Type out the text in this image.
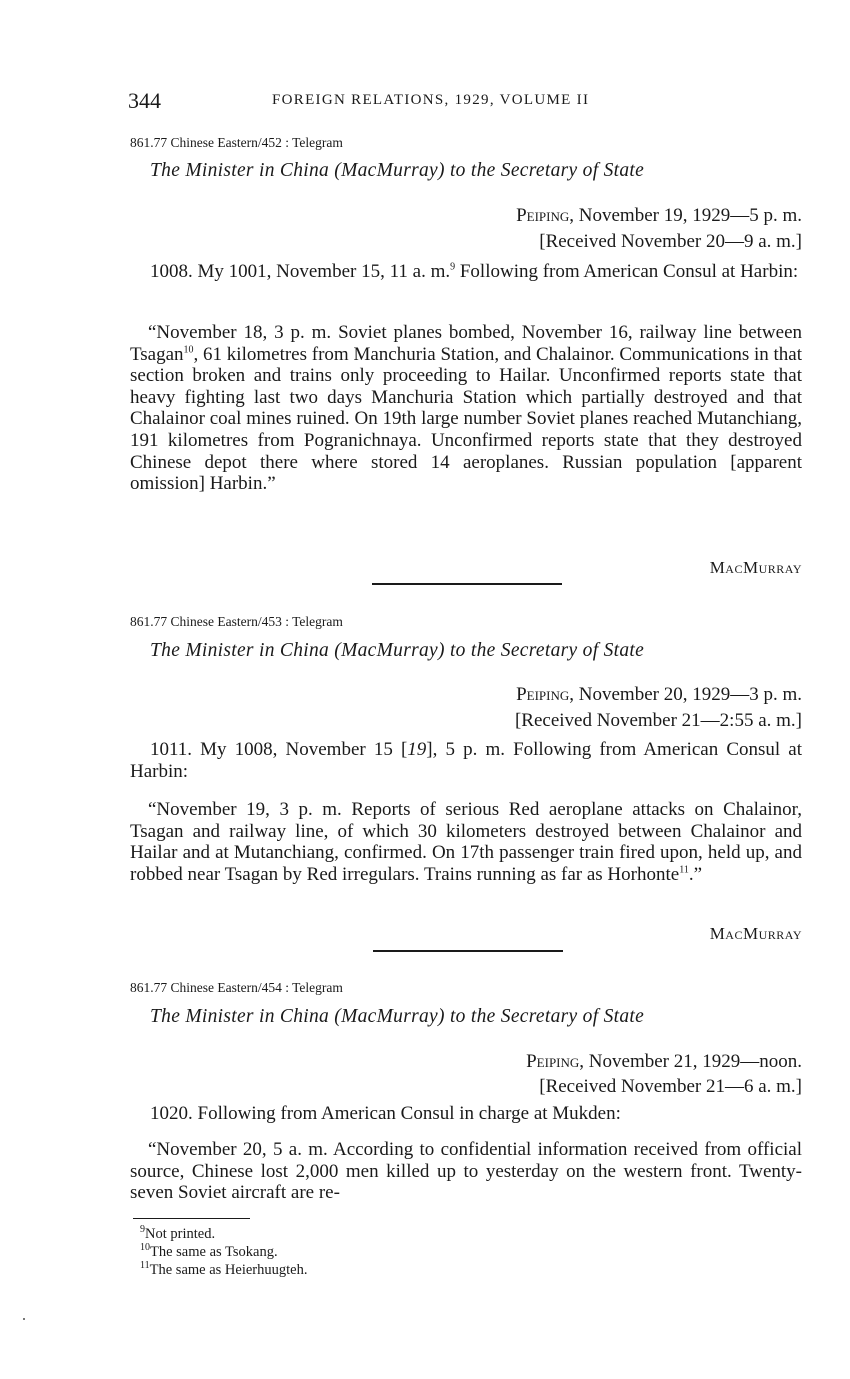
344	FOREIGN RELATIONS, 1929, VOLUME II
861.77 Chinese Eastern/452 : Telegram
The Minister in China (MacMurray) to the Secretary of State
Peiping, November 19, 1929—5 p. m.
[Received November 20—9 a. m.]
1008. My 1001, November 15, 11 a. m.$^9$ Following from American Consul at Harbin:
“November 18, 3 p. m. Soviet planes bombed, November 16, railway line between Tsagan$^{10}$, 61 kilometres from Manchuria Station, and Chalainor. Communications in that section broken and trains only proceeding to Hailar. Unconfirmed reports state that heavy fighting last two days Manchuria Station which partially destroyed and that Chalainor coal mines ruined. On 19th large number Soviet planes reached Mutanchiang, 191 kilometres from Pogranichnaya. Unconfirmed reports state that they destroyed Chinese depot there where stored 14 aeroplanes. Russian population [apparent omission] Harbin.”
MacMurray
861.77 Chinese Eastern/453 : Telegram
The Minister in China (MacMurray) to the Secretary of State
Peiping, November 20, 1929—3 p. m.
[Received November 21—2:55 a. m.]
1011. My 1008, November 15 [19], 5 p. m. Following from American Consul at Harbin:
“November 19, 3 p. m. Reports of serious Red aeroplane attacks on Chalainor, Tsagan and railway line, of which 30 kilometers destroyed between Chalainor and Hailar and at Mutanchiang, confirmed. On 17th passenger train fired upon, held up, and robbed near Tsagan by Red irregulars. Trains running as far as Horhonte$^{11}$.”
MacMurray
861.77 Chinese Eastern/454 : Telegram
The Minister in China (MacMurray) to the Secretary of State
Peiping, November 21, 1929—noon.
[Received November 21—6 a. m.]
1020. Following from American Consul in charge at Mukden:
“November 20, 5 a. m. According to confidential information received from official source, Chinese lost 2,000 men killed up to yesterday on the western front. Twenty-seven Soviet aircraft are re-
$^9$Not printed.
$^{10}$The same as Tsokang.
$^{11}$The same as Heierhuugteh.
